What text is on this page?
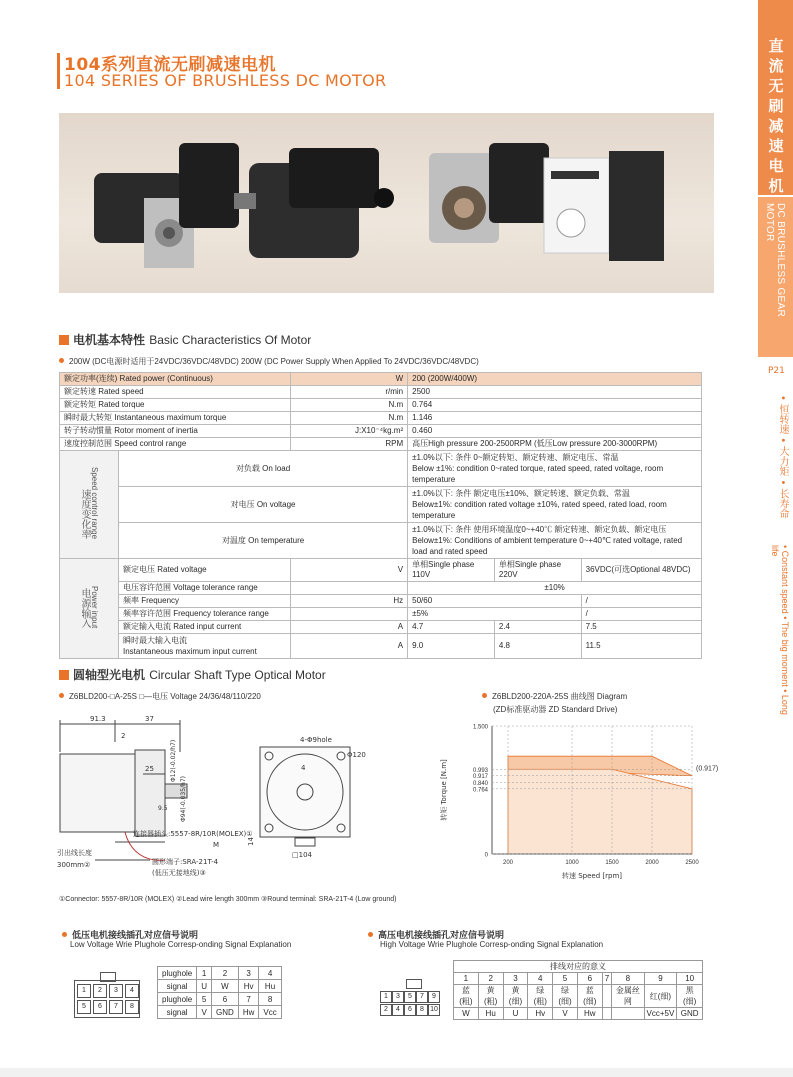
104系列直流无刷减速电机
104 SERIES OF BRUSHLESS DC MOTOR
直流无刷减速电机
DC BRUSHLESS GEAR MOTOR
P21
• 恒转速 • 大力矩 • 长寿命
• Constant speed • The big moment • Long life
电机基本特性 Basic Characteristics Of Motor
200W (DC电源时适用于24VDC/36VDC/48VDC) 200W (DC Power Supply When Applied To 24VDC/36VDC/48VDC)
额定功率(连续) Rated power (Continuous)		W	200 (200W/400W)		
额定转速 Rated speed		r/min	2500		
额定转矩 Rated torque		N.m	0.764		
瞬时最大转矩 Instantaneous maximum torque		N.m	1.146		
转子转动惯量 Rotor moment of inertia		J:X10⁻⁴kg.m²	0.460		
速度控制范围 Speed control range		RPM	高压High pressure 200-2500RPM (低压Low pressure 200-3000RPM)		
速度变化率Speed control range	对负载 On load		±1.0%以下: 条件 0~额定转矩、额定转速、额定电压、常温
Below ±1%: condition 0~rated torque, rated speed, rated voltage, room temperature		

	对电压 On voltage		±1.0%以下: 条件 额定电压±10%、额定转速、额定负载、常温
Below±1%: condition rated voltage ±10%, rated speed, rated load, room temperature		

	对温度 On temperature		±1.0%以下: 条件 使用环境温度0~+40℃ 额定转速、额定负载、额定电压
Below±1%: Conditions of ambient temperature 0~+40℃ rated voltage, rated load and rated speed		

电源输入Power input	额定电压 Rated voltage	V	单相Single phase 110V	单相Single phase 220V	36VDC(可选Optional 48VDC)
	电压容许范围 Voltage tolerance range		±10%		
	频率 Frequency	Hz	50/60		/
	频率容许范围 Frequency tolerance range		±5%		/
	额定输入电流 Rated input current	A	4.7	2.4	7.5

	瞬时最大输入电流
Instantaneous maximum input current	A	9.0	4.8	11.5
圆轴型光电机 Circular Shaft Type Optical Motor
Z6BLD200-□A-25S □—电压 Voltage 24/36/48/110/220
91.3	37
2
25
9.5
Φ12(-0.02/h7)
Φ94(-0.035/h7)
连接器插头:5557-8R/10R(MOLEX)①
M
引出线长度
300mm②	圆形端子:SRA-21T-4
(低压无接地线)③
4-Φ9hole
Φ120
4
14
□104
①Connector: 5557-8R/10R (MOLEX) ②Lead wire length 300mm ③Round terminal: SRA-21T-4 (Low ground)
Z6BLD200-220A-25S 曲线图 Diagram
(ZD标准驱动器 ZD Standard Drive)
0
0.764
0.840
0.917
0.993
1.500
200	1000	1500	2000	2500
转速 Speed [rpm]
转矩 Torque [N.m]	(0.917)
低压电机接线插孔对应信号说明
Low Voltage Wrie Plughole Corresp-onding Signal Explanation
1	2	3	4
5	6	7	8
plughole	1	2	3	4
signal	U	W	Hv	Hu
plughole	5	6	7	8
signal	V	GND	Hw	Vcc
高压电机接线插孔对应信号说明
High Voltage Wrie Plughole Corresp-onding Signal Explanation
1	3	5	7	9
2	4	6	8 10
排线对应的意义									
1	2	3	4	5	6	7	8	9	10
蓝(粗)	黄(粗)	黄(细)	绿(粗)	绿(细)	蓝(细)		金属丝网	红(细)	黑(细)
W	Hu	U	Hv	V	Hw			Vcc+5V	GND
